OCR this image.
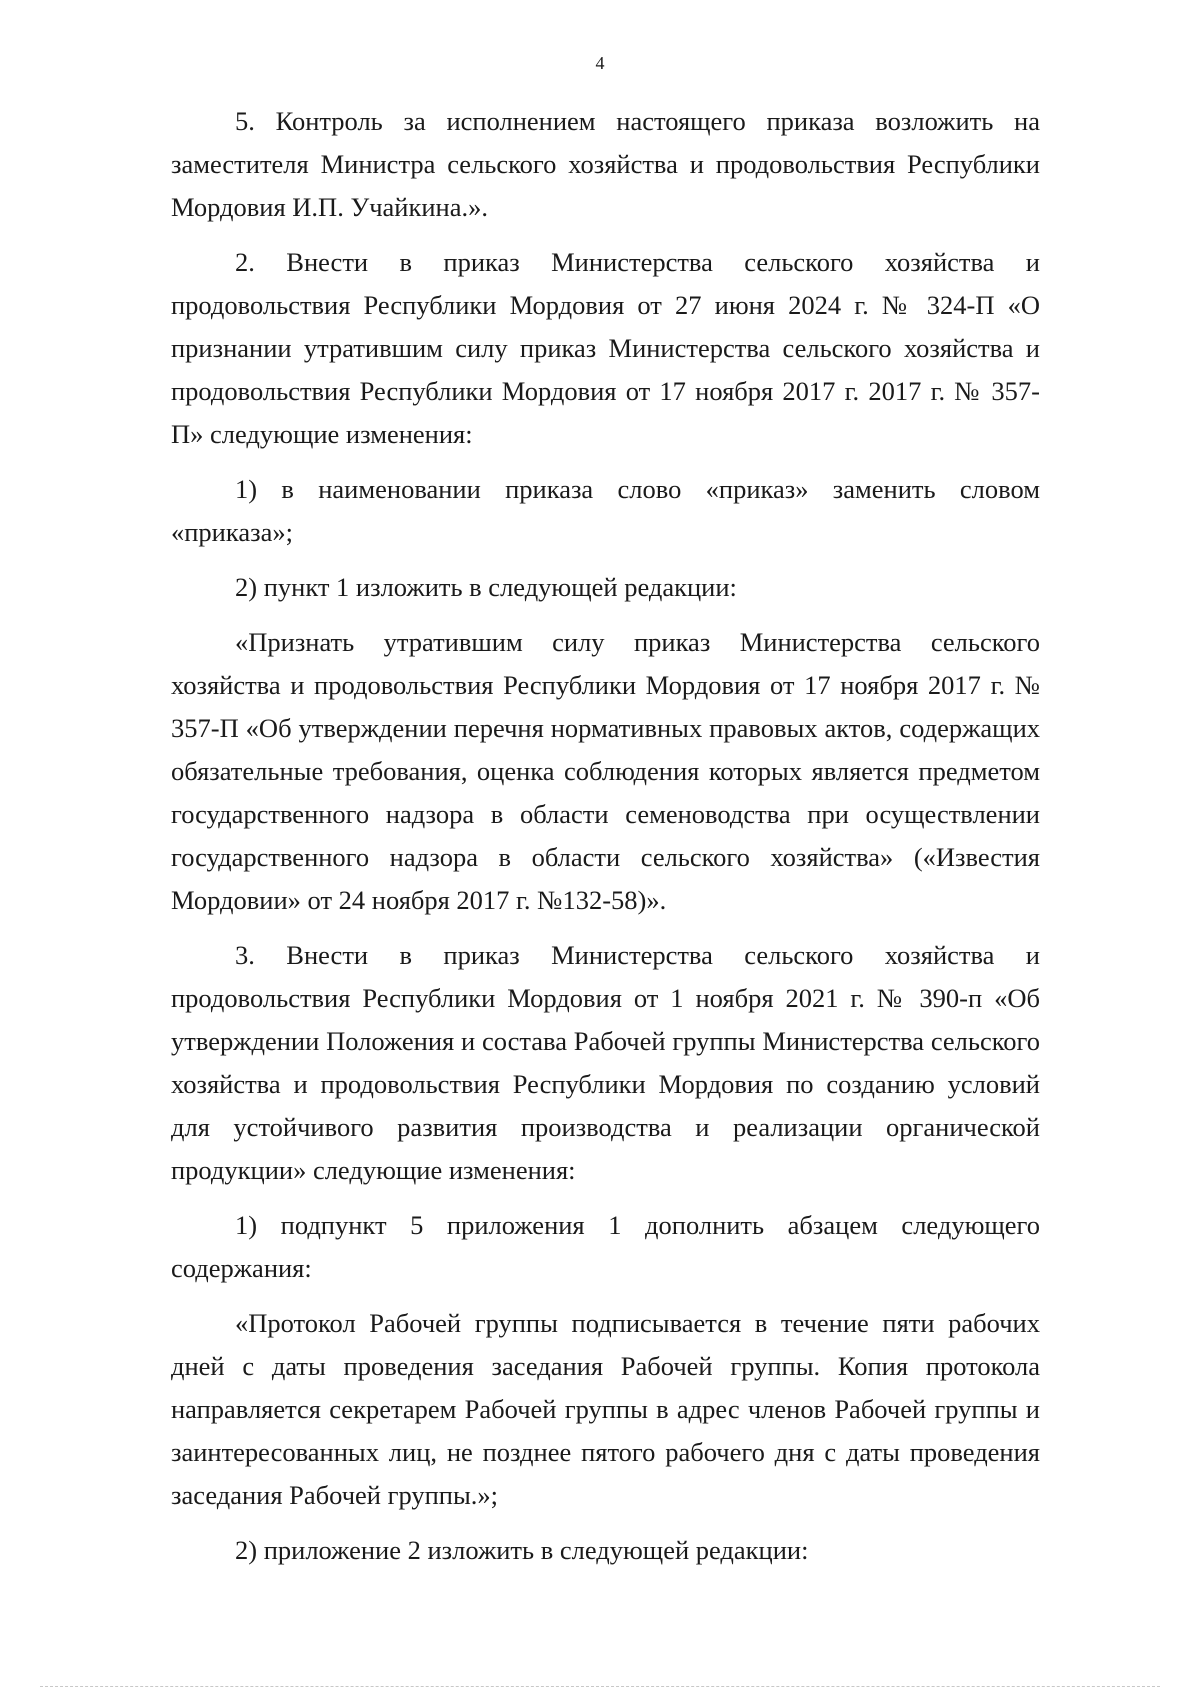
4

5. Контроль за исполнением настоящего приказа возложить на заместителя Министра сельского хозяйства и продовольствия Республики Мордовия И.П. Учайкина.».

2. Внести в приказ Министерства сельского хозяйства и продовольствия Республики Мордовия от 27 июня 2024 г. № 324-П «О признании утратившим силу приказ Министерства сельского хозяйства и продовольствия Республики Мордовия от 17 ноября 2017 г. 2017 г. № 357-П» следующие изменения:

1) в наименовании приказа слово «приказ» заменить словом «приказа»;

2) пункт 1 изложить в следующей редакции:

«Признать утратившим силу приказ Министерства сельского хозяйства и продовольствия Республики Мордовия от 17 ноября 2017 г. № 357-П «Об утверждении перечня нормативных правовых актов, содержащих обязательные требования, оценка соблюдения которых является предметом государственного надзора в области семеноводства при осуществлении государственного надзора в области сельского хозяйства» («Известия Мордовии» от 24 ноября 2017 г. №132-58)».

3. Внести в приказ Министерства сельского хозяйства и продовольствия Республики Мордовия от 1 ноября 2021 г. № 390-п «Об утверждении Положения и состава Рабочей группы Министерства сельского хозяйства и продовольствия Республики Мордовия по созданию условий для устойчивого развития производства и реализации органической продукции» следующие изменения:

1) подпункт 5 приложения 1 дополнить абзацем следующего содержания:

«Протокол Рабочей группы подписывается в течение пяти рабочих дней с даты проведения заседания Рабочей группы. Копия протокола направляется секретарем Рабочей группы в адрес членов Рабочей группы и заинтересованных лиц, не позднее пятого рабочего дня с даты проведения заседания Рабочей группы.»;

2) приложение 2 изложить в следующей редакции:
